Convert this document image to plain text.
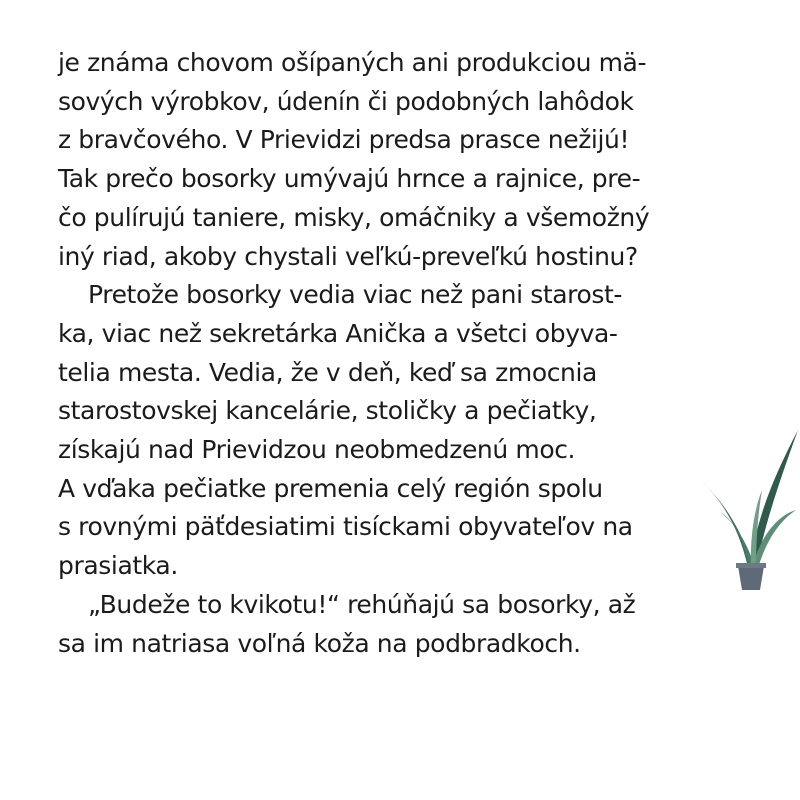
je známa chovom ošípaných ani produkciou mä-
sových výrobkov, údenín či podobných lahôdok
z bravčového. V Prievidzi predsa prasce nežijú!
Tak prečo bosorky umývajú hrnce a rajnice, pre-
čo pulírujú taniere, misky, omáčniky a všemožný
iný riad, akoby chystali veľkú-preveľkú hostinu?
Pretože bosorky vedia viac než pani starost-
ka, viac než sekretárka Anička a všetci obyva-
telia mesta. Vedia, že v deň, keď sa zmocnia
starostovskej kancelárie, stoličky a pečiatky,
získajú nad Prievidzou neobmedzenú moc.
A vďaka pečiatke premenia celý región spolu
s rovnými päťdesiatimi tisíckami obyvateľov na
prasiatka.
„Budeže to kvikotu!“ rehúňajú sa bosorky, až
sa im natriasa voľná koža na podbradkoch.
